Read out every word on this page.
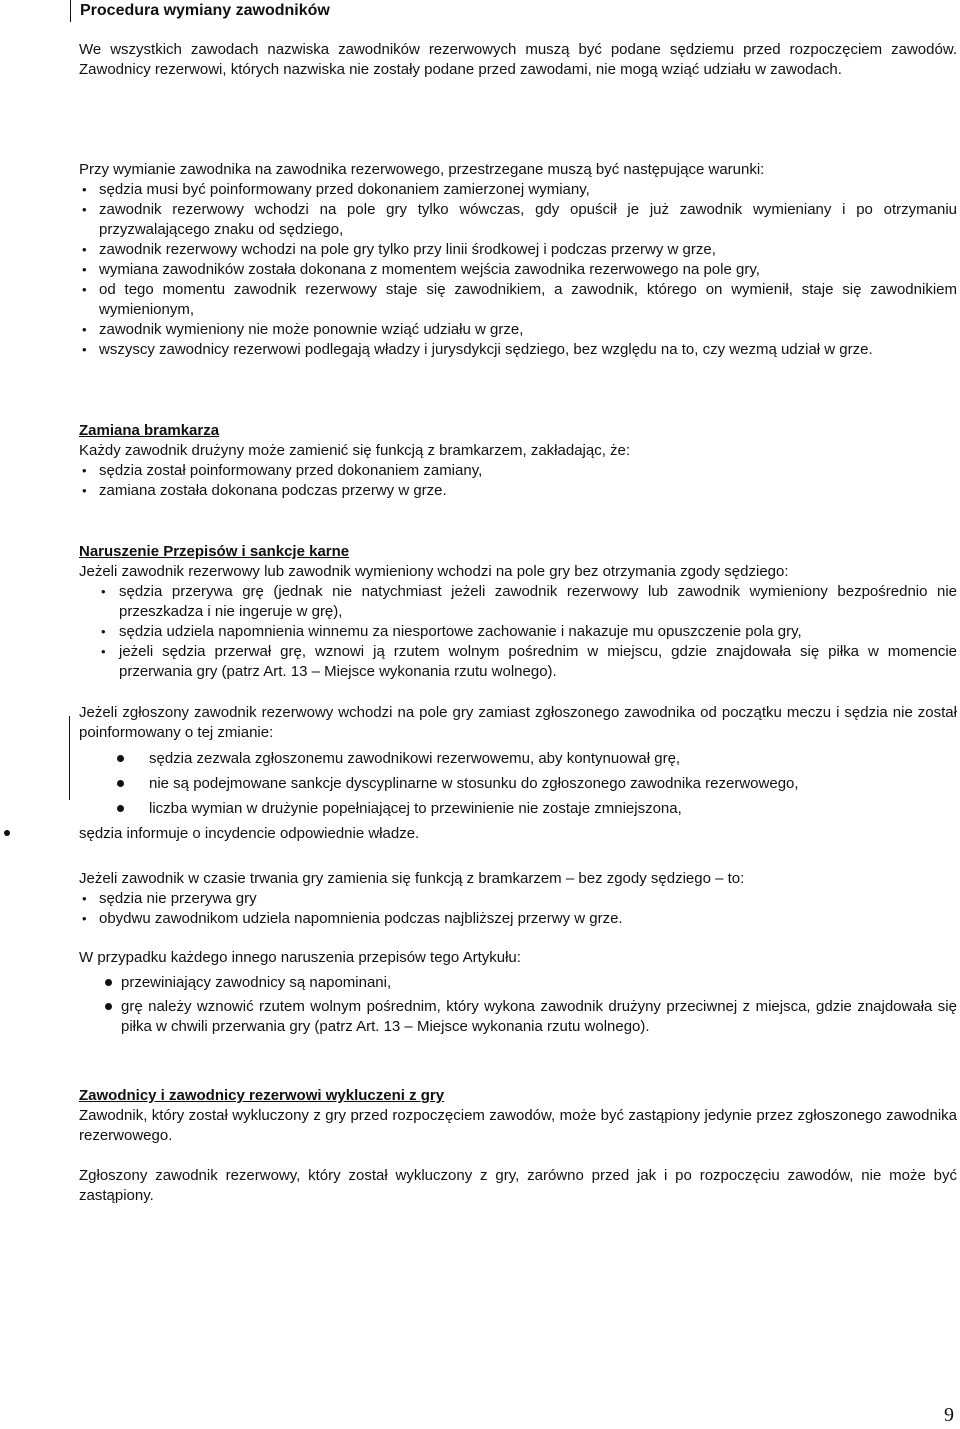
Procedura wymiany zawodników
We wszystkich zawodach nazwiska zawodników rezerwowych muszą być podane sędziemu przed rozpoczęciem zawodów. Zawodnicy rezerwowi, których nazwiska nie zostały podane przed zawodami, nie mogą wziąć udziału w zawodach.
Przy wymianie zawodnika na zawodnika rezerwowego, przestrzegane muszą być następujące warunki:
• sędzia musi być poinformowany przed dokonaniem zamierzonej wymiany,
• zawodnik rezerwowy wchodzi na pole gry tylko wówczas, gdy opuścił je już zawodnik wymieniany i po otrzymaniu przyzwalającego znaku od sędziego,
• zawodnik rezerwowy wchodzi na pole gry tylko przy linii środkowej i podczas przerwy w grze,
• wymiana zawodników została dokonana z momentem wejścia zawodnika rezerwowego na pole gry,
• od tego momentu zawodnik rezerwowy staje się zawodnikiem, a zawodnik, którego on wymienił, staje się zawodnikiem wymienionym,
• zawodnik wymieniony nie może ponownie wziąć udziału w grze,
• wszyscy zawodnicy rezerwowi podlegają władzy i jurysdykcji sędziego, bez względu na to, czy wezmą udział w grze.
Zamiana bramkarza
Każdy zawodnik drużyny może zamienić się funkcją z bramkarzem, zakładając, że:
• sędzia został poinformowany przed dokonaniem zamiany,
• zamiana została dokonana podczas przerwy w grze.
Naruszenie Przepisów i sankcje karne
Jeżeli zawodnik rezerwowy lub zawodnik wymieniony wchodzi na pole gry bez otrzymania zgody sędziego:
• sędzia przerywa grę (jednak nie natychmiast jeżeli zawodnik rezerwowy lub zawodnik wymieniony bezpośrednio nie przeszkadza i nie ingeruje w grę),
• sędzia udziela napomnienia winnemu za niesportowe zachowanie i nakazuje mu opuszczenie pola gry,
• jeżeli sędzia przerwał grę, wznowi ją rzutem wolnym pośrednim w miejscu, gdzie znajdowała się piłka w momencie przerwania gry (patrz Art. 13 – Miejsce wykonania rzutu wolnego).
Jeżeli zgłoszony zawodnik rezerwowy wchodzi na pole gry zamiast zgłoszonego zawodnika od początku meczu i sędzia nie został poinformowany o tej zmianie:
sędzia zezwala zgłoszonemu zawodnikowi rezerwowemu, aby kontynuował grę,
nie są podejmowane sankcje dyscyplinarne w stosunku do zgłoszonego zawodnika rezerwowego,
liczba wymian w drużynie popełniającej to przewinienie nie zostaje zmniejszona,
sędzia informuje o incydencie odpowiednie władze.
Jeżeli zawodnik w czasie trwania gry zamienia się funkcją z bramkarzem – bez zgody sędziego – to:
• sędzia nie przerywa gry
• obydwu zawodnikom udziela napomnienia podczas najbliższej przerwy w grze.
W przypadku każdego innego naruszenia przepisów tego Artykułu:
przewiniający zawodnicy są napominani,
grę należy wznowić rzutem wolnym pośrednim, który wykona zawodnik drużyny przeciwnej z miejsca, gdzie znajdowała się piłka w chwili przerwania gry (patrz Art. 13 – Miejsce wykonania rzutu wolnego).
Zawodnicy i zawodnicy rezerwowi wykluczeni z gry
Zawodnik, który został wykluczony z gry przed rozpoczęciem zawodów, może być zastąpiony jedynie przez zgłoszonego zawodnika rezerwowego.
Zgłoszony zawodnik rezerwowy, który został wykluczony z gry, zarówno przed jak i po rozpoczęciu zawodów, nie może być zastąpiony.
9
